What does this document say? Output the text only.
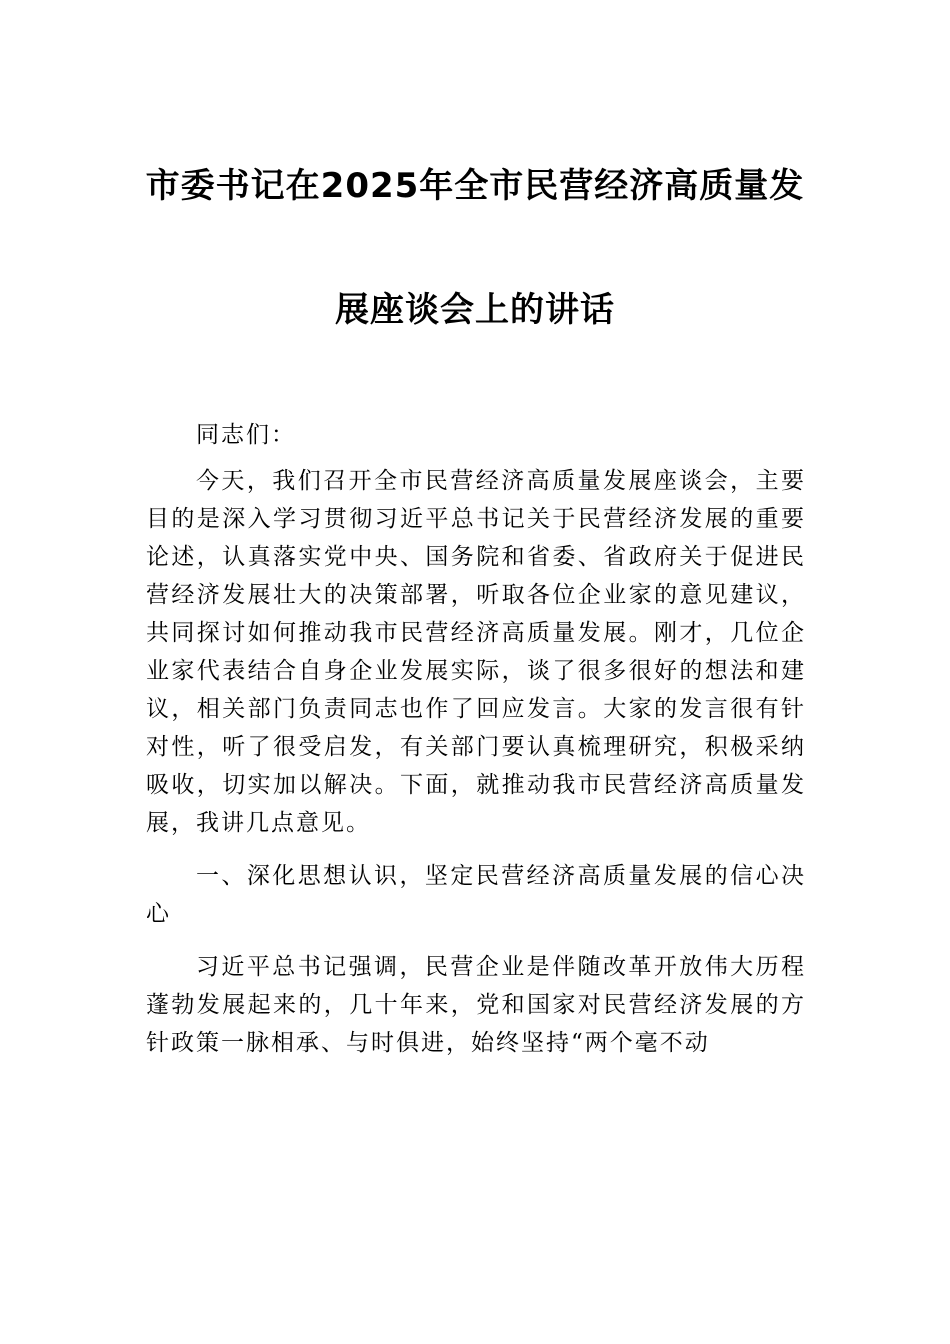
市委书记在2025年全市民营经济高质量发
展座谈会上的讲话
同志们：

今天，我们召开全市民营经济高质量发展座谈会，主要目的是深入学习贯彻习近平总书记关于民营经济发展的重要论述，认真落实党中央、国务院和省委、省政府关于促进民营经济发展壮大的决策部署，听取各位企业家的意见建议，共同探讨如何推动我市民营经济高质量发展。刚才，几位企业家代表结合自身企业发展实际，谈了很多很好的想法和建议，相关部门负责同志也作了回应发言。大家的发言很有针对性，听了很受启发，有关部门要认真梳理研究，积极采纳吸收，切实加以解决。下面，就推动我市民营经济高质量发展，我讲几点意见。

一、深化思想认识，坚定民营经济高质量发展的信心决心

习近平总书记强调，民营企业是伴随改革开放伟大历程蓬勃发展起来的，几十年来，党和国家对民营经济发展的方针政策一脉相承、与时俱进，始终坚持“两个毫不动
